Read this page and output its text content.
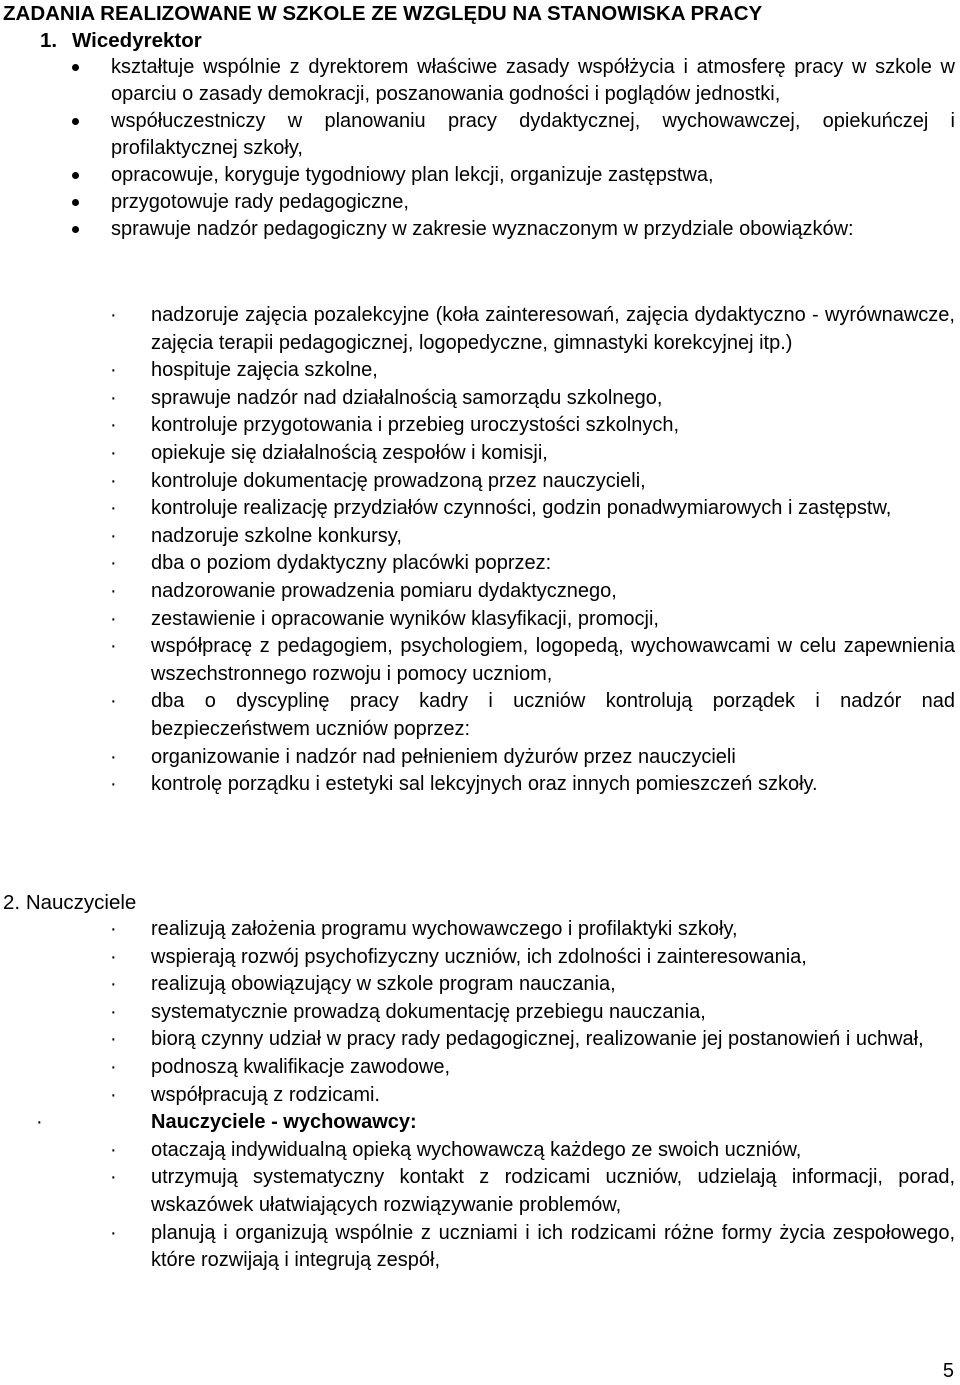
ZADANIA REALIZOWANE W SZKOLE ZE WZGLĘDU NA STANOWISKA PRACY
1. Wicedyrektor
kształtuje wspólnie z dyrektorem właściwe zasady współżycia i atmosferę pracy w szkole w oparciu o zasady demokracji, poszanowania godności i poglądów jednostki,
współuczestniczy w planowaniu pracy dydaktycznej, wychowawczej, opiekuńczej i profilaktycznej szkoły,
opracowuje, koryguje tygodniowy plan lekcji, organizuje zastępstwa,
przygotowuje rady pedagogiczne,
sprawuje nadzór pedagogiczny w zakresie wyznaczonym w przydziale obowiązków:
· nadzoruje zajęcia pozalekcyjne (koła zainteresowań, zajęcia dydaktyczno - wyrównawcze, zajęcia terapii pedagogicznej, logopedyczne, gimnastyki korekcyjnej itp.)
· hospituje zajęcia szkolne,
· sprawuje nadzór nad działalnością samorządu szkolnego,
· kontroluje przygotowania i przebieg uroczystości szkolnych,
· opiekuje się działalnością zespołów i komisji,
· kontroluje dokumentację prowadzoną przez nauczycieli,
· kontroluje realizację przydziałów czynności, godzin ponadwymiarowych i zastępstw,
· nadzoruje szkolne konkursy,
· dba o poziom dydaktyczny placówki poprzez:
· nadzorowanie prowadzenia pomiaru dydaktycznego,
· zestawienie i opracowanie wyników klasyfikacji, promocji,
· współpracę z pedagogiem, psychologiem, logopedą, wychowawcami w celu zapewnienia wszechstronnego rozwoju i pomocy uczniom,
· dba o dyscyplinę pracy kadry i uczniów kontrolują porządek i nadzór nad bezpieczeństwem uczniów poprzez:
· organizowanie i nadzór nad pełnieniem dyżurów przez nauczycieli
· kontrolę porządku i estetyki sal lekcyjnych oraz innych pomieszczeń szkoły.
2. Nauczyciele
· realizują założenia programu wychowawczego i profilaktyki szkoły,
· wspierają rozwój psychofizyczny uczniów, ich zdolności i zainteresowania,
· realizują obowiązujący w szkole program nauczania,
· systematycznie prowadzą dokumentację przebiegu nauczania,
· biorą czynny udział w pracy rady pedagogicznej, realizowanie jej postanowień i uchwał,
· podnoszą kwalifikacje zawodowe,
· współpracują z rodzicami.
·	Nauczyciele - wychowawcy:
· otaczają indywidualną opieką wychowawczą każdego ze swoich uczniów,
· utrzymują systematyczny kontakt z rodzicami uczniów, udzielają informacji, porad, wskazówek ułatwiających rozwiązywanie problemów,
· planują i organizują wspólnie z uczniami i ich rodzicami różne formy życia zespołowego, które rozwijają i integrują zespół,
5
